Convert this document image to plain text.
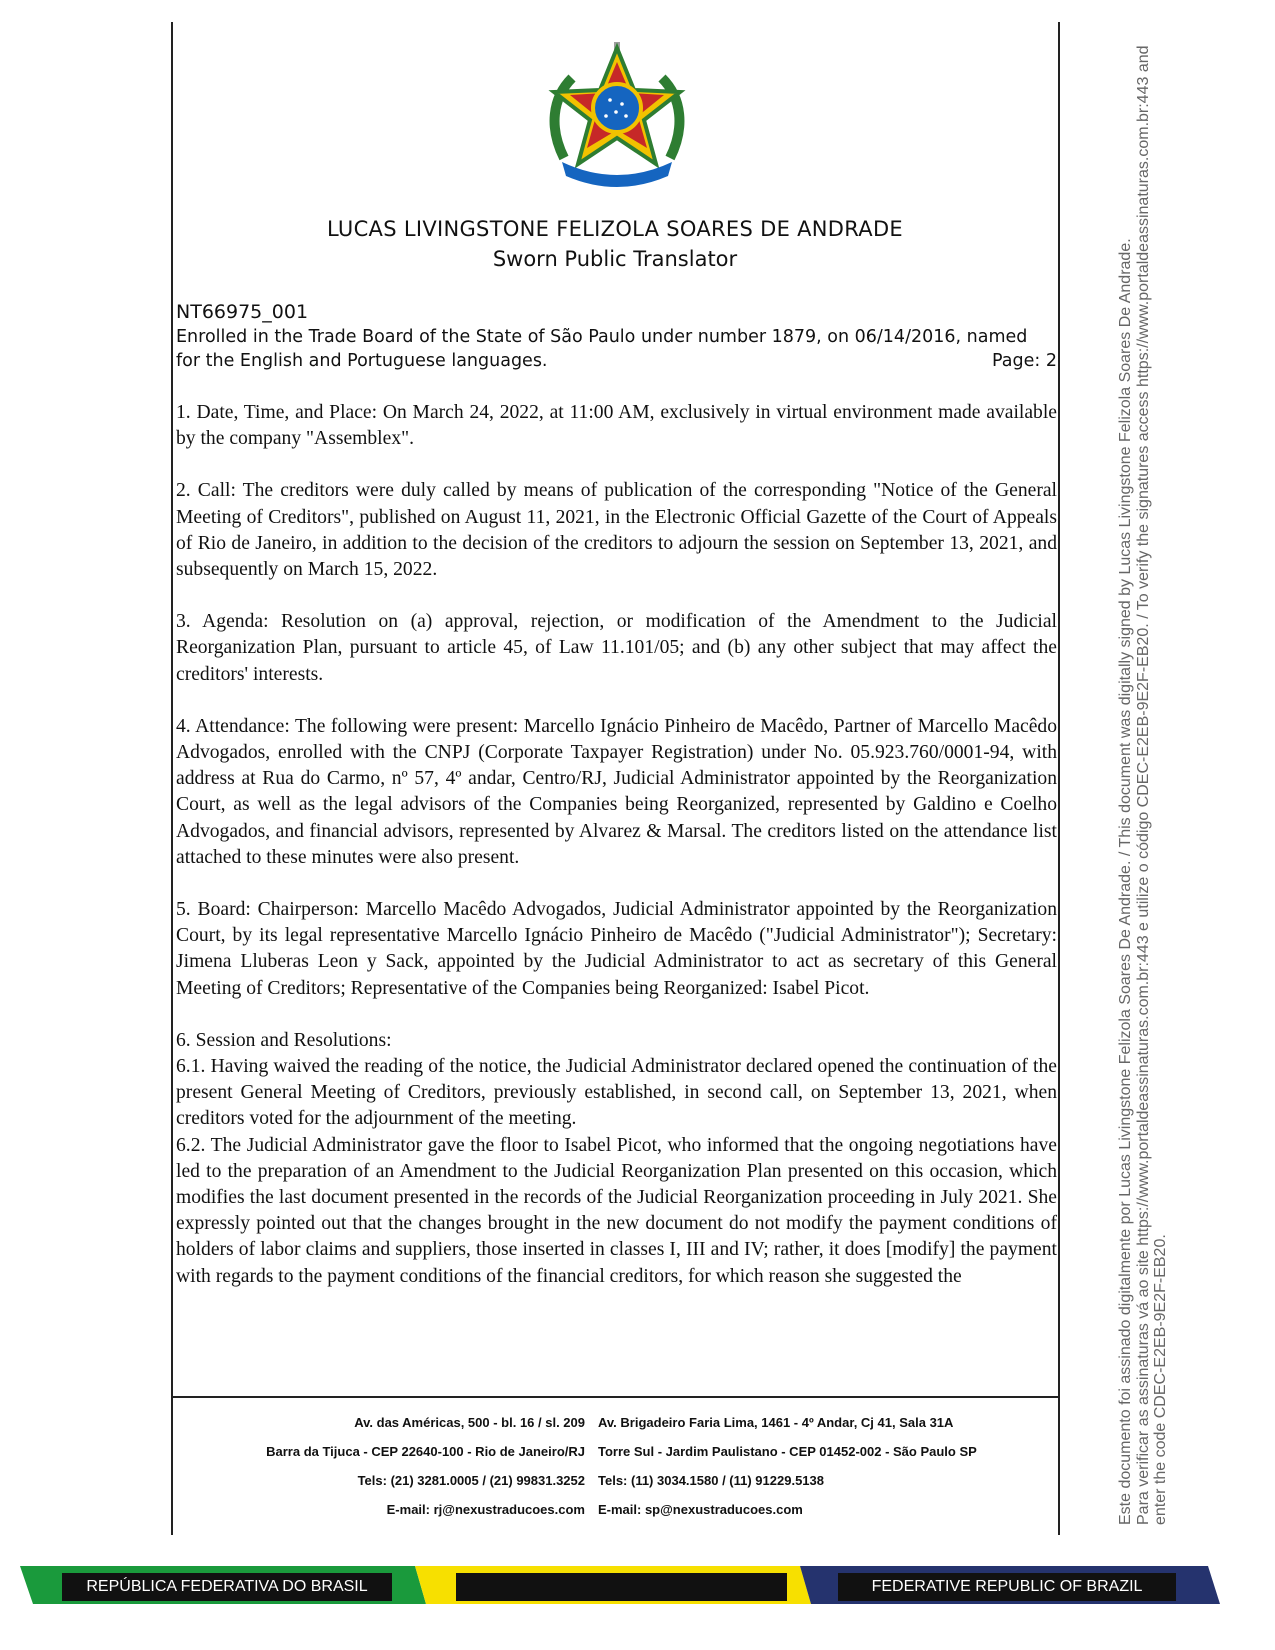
LUCAS LIVINGSTONE FELIZOLA SOARES DE ANDRADE
Sworn Public Translator
NT66975_001
Enrolled in the Trade Board of the State of São Paulo under number 1879, on 06/14/2016, named
for the English and Portuguese languages.	Page: 2

1. Date, Time, and Place: On March 24, 2022, at 11:00 AM, exclusively in virtual environment made available by the company "Assemblex".

2. Call: The creditors were duly called by means of publication of the corresponding "Notice of the General Meeting of Creditors", published on August 11, 2021, in the Electronic Official Gazette of the Court of Appeals of Rio de Janeiro, in addition to the decision of the creditors to adjourn the session on September 13, 2021, and subsequently on March 15, 2022.

3. Agenda: Resolution on (a) approval, rejection, or modification of the Amendment to the Judicial Reorganization Plan, pursuant to article 45, of Law 11.101/05; and (b) any other subject that may affect the creditors' interests.

4. Attendance: The following were present: Marcello Ignácio Pinheiro de Macêdo, Partner of Marcello Macêdo Advogados, enrolled with the CNPJ (Corporate Taxpayer Registration) under No. 05.923.760/0001-94, with address at Rua do Carmo, nº 57, 4º andar, Centro/RJ, Judicial Administrator appointed by the Reorganization Court, as well as the legal advisors of the Companies being Reorganized, represented by Galdino e Coelho Advogados, and financial advisors, represented by Alvarez & Marsal. The creditors listed on the attendance list attached to these minutes were also present.

5. Board: Chairperson: Marcello Macêdo Advogados, Judicial Administrator appointed by the Reorganization Court, by its legal representative Marcello Ignácio Pinheiro de Macêdo ("Judicial Administrator"); Secretary: Jimena Lluberas Leon y Sack, appointed by the Judicial Administrator to act as secretary of this General Meeting of Creditors; Representative of the Companies being Reorganized: Isabel Picot.

6. Session and Resolutions:

6.1. Having waived the reading of the notice, the Judicial Administrator declared opened the continuation of the present General Meeting of Creditors, previously established, in second call, on September 13, 2021, when creditors voted for the adjournment of the meeting.

6.2. The Judicial Administrator gave the floor to Isabel Picot, who informed that the ongoing negotiations have led to the preparation of an Amendment to the Judicial Reorganization Plan presented on this occasion, which modifies the last document presented in the records of the Judicial Reorganization proceeding in July 2021. She expressly pointed out that the changes brought in the new document do not modify the payment conditions of holders of labor claims and suppliers, those inserted in classes I, III and IV; rather, it does [modify] the payment with regards to the payment conditions of the financial creditors, for which reason she suggested the

Av. das Américas, 500 - bl. 16 / sl. 209
Barra da Tijuca - CEP 22640-100 - Rio de Janeiro/RJ
Tels: (21) 3281.0005 / (21) 99831.3252
E-mail: rj@nexustraducoes.com
Av. Brigadeiro Faria Lima, 1461 - 4º Andar, Cj 41, Sala 31A
Torre Sul - Jardim Paulistano - CEP 01452-002 - São Paulo SP
Tels: (11) 3034.1580 / (11) 91229.5138
E-mail: sp@nexustraducoes.com	Este documento foi assinado digitalmente por Lucas Livingstone Felizola Soares De Andrade. / This document was digitally signed by Lucas Livingstone Felizola Soares De Andrade. Para verificar as assinaturas vá ao site https://www.portaldeassinaturas.com.br:443 e utilize o código CDEC-E2EB-9E2F-EB20. / To verify the signatures access https://www.portaldeassinaturas.com.br:443 and enter the code CDEC-E2EB-9E2F-EB20.
REPÚBLICA FEDERATIVA DO BRASIL	FEDERATIVE REPUBLIC OF BRAZIL
